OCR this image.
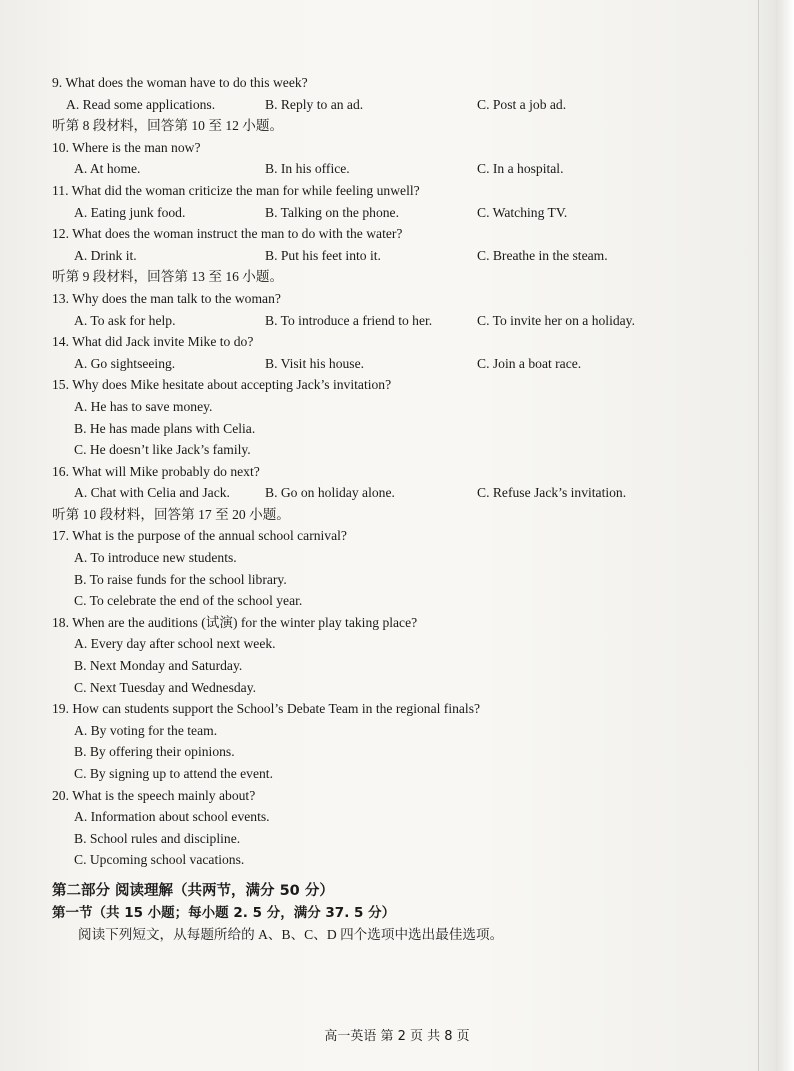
9. What does the woman have to do this week?
A. Read some applications.	B. Reply to an ad.	C. Post a job ad.
听第 8 段材料，回答第 10 至 12 小题。
10. Where is the man now?
A. At home.	B. In his office.	C. In a hospital.
11. What did the woman criticize the man for while feeling unwell?
A. Eating junk food.	B. Talking on the phone.	C. Watching TV.
12. What does the woman instruct the man to do with the water?
A. Drink it.	B. Put his feet into it.	C. Breathe in the steam.
听第 9 段材料，回答第 13 至 16 小题。
13. Why does the man talk to the woman?
A. To ask for help.	B. To introduce a friend to her.	C. To invite her on a holiday.
14. What did Jack invite Mike to do?
A. Go sightseeing.	B. Visit his house.	C. Join a boat race.
15. Why does Mike hesitate about accepting Jack’s invitation?
A. He has to save money.
B. He has made plans with Celia.
C. He doesn’t like Jack’s family.
16. What will Mike probably do next?
A. Chat with Celia and Jack.	B. Go on holiday alone.	C. Refuse Jack’s invitation.
听第 10 段材料，回答第 17 至 20 小题。
17. What is the purpose of the annual school carnival?
A. To introduce new students.
B. To raise funds for the school library.
C. To celebrate the end of the school year.
18. When are the auditions (试演) for the winter play taking place?
A. Every day after school next week.
B. Next Monday and Saturday.
C. Next Tuesday and Wednesday.
19. How can students support the School’s Debate Team in the regional finals?
A. By voting for the team.
B. By offering their opinions.
C. By signing up to attend the event.
20. What is the speech mainly about?
A. Information about school events.
B. School rules and discipline.
C. Upcoming school vacations.
第二部分 阅读理解（共两节，满分 50 分）
第一节（共 15 小题；每小题 2. 5 分，满分 37. 5 分）
阅读下列短文，从每题所给的 A、B、C、D 四个选项中选出最佳选项。
高一英语 第 2 页 共 8 页
